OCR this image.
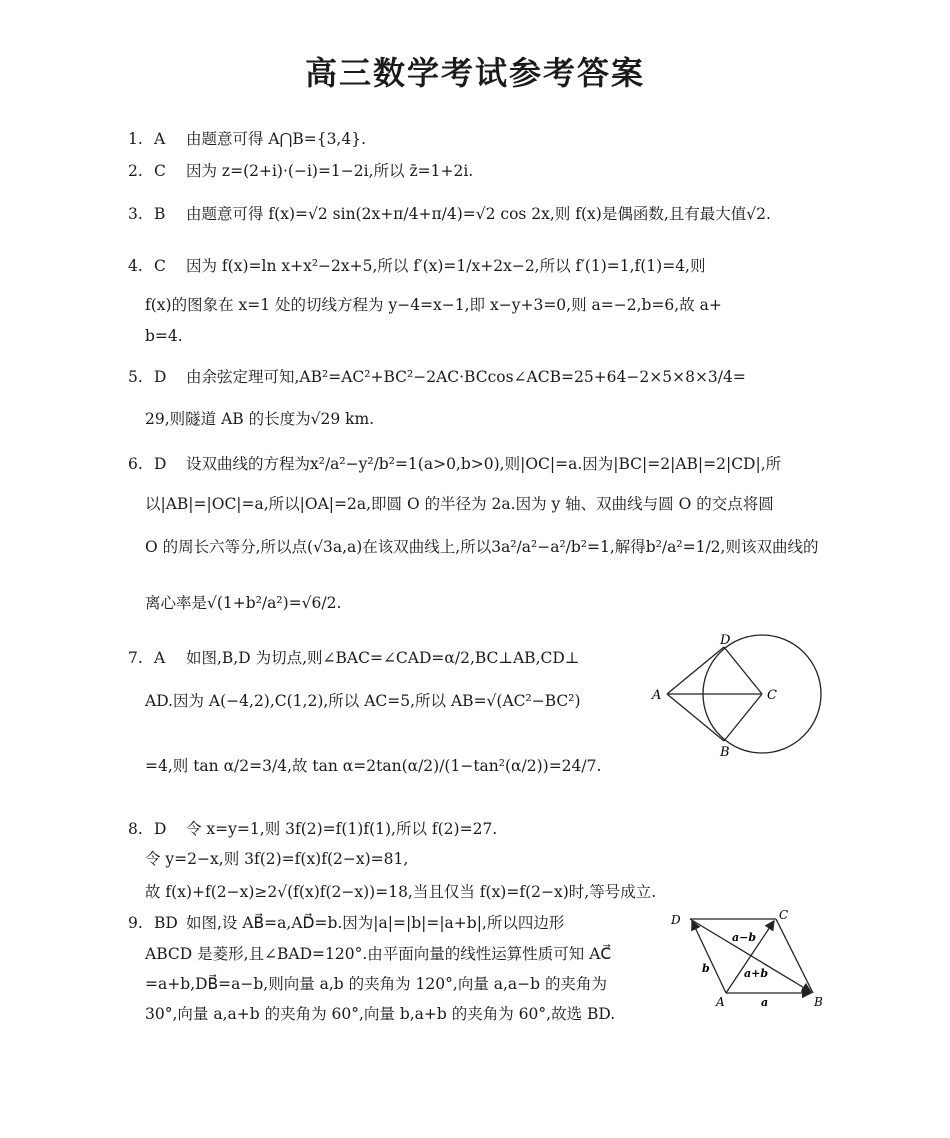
高三数学考试参考答案
1. A 由题意可得 A⋂B={3,4}.
2. C 因为 z=(2+i)·(−i)=1−2i,所以 z̄=1+2i.
3. B 由题意可得 f(x)=√2 sin(2x+π/4+π/4)=√2 cos 2x,则 f(x)是偶函数,且有最大值√2.
4. C 因为 f(x)=ln x+x²−2x+5,所以 f′(x)=1/x+2x−2,所以 f′(1)=1,f(1)=4,则
f(x)的图象在 x=1 处的切线方程为 y−4=x−1,即 x−y+3=0,则 a=−2,b=6,故 a+
b=4.
5. D 由余弦定理可知,AB²=AC²+BC²−2AC·BCcos∠ACB=25+64−2×5×8×3/4=
29,则隧道 AB 的长度为√29 km.
6. D 设双曲线的方程为x²/a²−y²/b²=1(a>0,b>0),则|OC|=a.因为|BC|=2|AB|=2|CD|,所
以|AB|=|OC|=a,所以|OA|=2a,即圆 O 的半径为 2a.因为 y 轴、双曲线与圆 O 的交点将圆
O 的周长六等分,所以点(√3a,a)在该双曲线上,所以3a²/a²−a²/b²=1,解得b²/a²=1/2,则该双曲线的
离心率是√(1+b²/a²)=√6/2.
7. A 如图,B,D 为切点,则∠BAC=∠CAD=α/2,BC⊥AB,CD⊥
AD.因为 A(−4,2),C(1,2),所以 AC=5,所以 AB=√(AC²−BC²)
=4,则 tan α/2=3/4,故 tan α=2tan(α/2)/(1−tan²(α/2))=24/7.
A	C
D
B
8. D 令 x=y=1,则 3f(2)=f(1)f(1),所以 f(2)=27.
令 y=2−x,则 3f(2)=f(x)f(2−x)=81,
故 f(x)+f(2−x)≥2√(f(x)f(2−x))=18,当且仅当 f(x)=f(2−x)时,等号成立.
9. BD 如图,设 AB⃗=a,AD⃗=b.因为|a|=|b|=|a+b|,所以四边形
ABCD 是菱形,且∠BAD=120°.由平面向量的线性运算性质可知 AC⃗
=a+b,DB⃗=a−b,则向量 a,b 的夹角为 120°,向量 a,a−b 的夹角为
30°,向量 a,a+b 的夹角为 60°,向量 b,a+b 的夹角为 60°,故选 BD.
D	C
A	B
a−b
a+b
b
a
